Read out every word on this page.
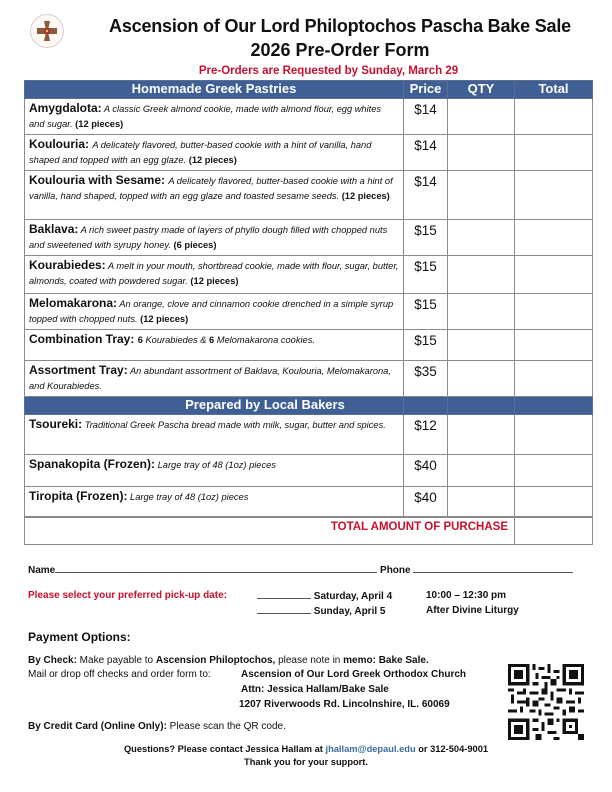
Ascension of Our Lord Philoptochos Pascha Bake Sale
2026 Pre-Order Form
Pre-Orders are Requested by Sunday, March 29
Homemade Greek Pastries	Price	QTY	Total
Amygdalota: A classic Greek almond cookie, made with almond flour, egg whites and sugar. (12 pieces)	$14		
Koulouria: A delicately flavored, butter-based cookie with a hint of vanilla, hand shaped and topped with an egg glaze. (12 pieces)	$14		
Koulouria with Sesame: A delicately flavored, butter-based cookie with a hint of vanilla, hand shaped, topped with an egg glaze and toasted sesame seeds. (12 pieces)	$14		
Baklava: A rich sweet pastry made of layers of phyllo dough filled with chopped nuts and sweetened with syrupy honey. (6 pieces)	$15		
Kourabiedes: A melt in your mouth, shortbread cookie, made with flour, sugar, butter, almonds, coated with powdered sugar. (12 pieces)	$15		
Melomakarona: An orange, clove and cinnamon cookie drenched in a simple syrup topped with chopped nuts. (12 pieces)	$15		
Combination Tray: 6 Kourabiedes & 6 Melomakarona cookies.	$15		
Assortment Tray: An abundant assortment of Baklava, Koulouria, Melomakarona, and Kourabiedes.	$35		
Prepared by Local Bakers			
Tsoureki: Traditional Greek Pascha bread made with milk, sugar, butter and spices.	$12		
Spanakopita (Frozen): Large tray of 48 (1oz) pieces	$40		
Tiropita (Frozen): Large tray of 48 (1oz) pieces	$40		
TOTAL AMOUNT OF PURCHASE	
Name	Phone
Please select your preferred pick-up date:	Saturday, April 4	10:00 – 12:30 pm
Sunday, April 5	After Divine Liturgy
Payment Options:
By Check: Make payable to Ascension Philoptochos, please note in memo: Bake Sale.
Mail or drop off checks and order form to:	Ascension of Our Lord Greek Orthodox Church
Attn: Jessica Hallam/Bake Sale
1207 Riverwoods Rd. Lincolnshire, IL. 60069
By Credit Card (Online Only): Please scan the QR code.
Questions? Please contact Jessica Hallam at jhallam@depaul.edu or 312-504-9001
Thank you for your support.
